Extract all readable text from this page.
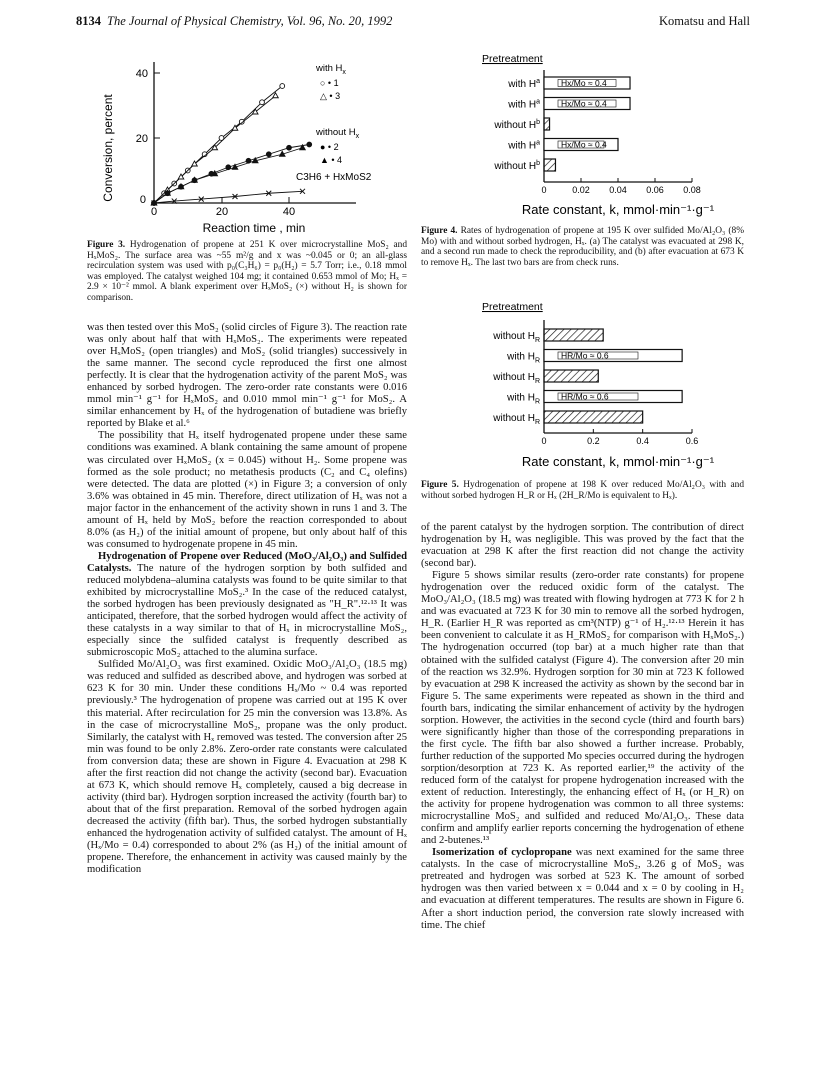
8134 The Journal of Physical Chemistry, Vol. 96, No. 20, 1992	Komatsu and Hall
Conversion, percent
40
20
0
0	20	40
Reaction time , min
with $H_x$
○ • 1
△ • 3
without $H_x$
● • 2
▲ • 4
C3H6 + HxMoS2

Figure 3. Hydrogenation of propene at 251 K over microcrystalline MoS₂ and HₓMoS₂. The surface area was ~55 m²/g and x was ~0.045 or 0; an all-glass recirculation system was used with p₀(C₃H₆) = p₀(H₂) = 5.7 Torr; i.e., 0.18 mmol was employed. The catalyst weighed 104 mg; it contained 0.653 mmol of Mo; Hₓ = 2.9 × 10⁻² mmol. A blank experiment over HₓMoS₂ (×) without H₂ is shown for comparison.

Pretreatment
with $H^a$ Hx/Mo ≈ 0.4
with $H^a$ Hx/Mo ≈ 0.4
without $H^b$
with $H^a$ Hx/Mo ≈ 0.4
without $H^b$
0	0.02 0.04 0.06 0.08
Rate constant, k, mmol·min⁻¹·g⁻¹

Figure 4. Rates of hydrogenation of propene at 195 K over sulfided Mo/Al₂O₃ (8% Mo) with and without sorbed hydrogen, Hₓ. (a) The catalyst was evacuated at 298 K, and a second run made to check the reproducibility, and (b) after evacuation at 673 K to remove Hₓ. The last two bars are from check runs.

Pretreatment
without $H_R$
with $H_R$
HR/Mo ≈ 0.6
without $H_R$
with $H_R$
HR/Mo ≈ 0.6
without $H_R$
0	0.2	0.4	0.6
Rate constant, k, mmol·min⁻¹·g⁻¹

Figure 5. Hydrogenation of propene at 198 K over reduced Mo/Al₂O₃ with and without sorbed hydrogen H_R or Hₓ (2H_R/Mo is equivalent to Hₓ).

was then tested over this MoS₂ (solid circles of Figure 3). The reaction rate was only about half that with HₓMoS₂. The experiments were repeated over HₓMoS₂ (open triangles) and MoS₂ (solid triangles) successively in the same manner. The second cycle reproduced the first one almost perfectly. It is clear that the hydrogenation activity of the parent MoS₂ was enhanced by sorbed hydrogen. The zero-order rate constants were 0.016 mmol min⁻¹ g⁻¹ for HₓMoS₂ and 0.010 mmol min⁻¹ g⁻¹ for MoS₂. A similar enhancement by Hₓ of the hydrogenation of butadiene was briefly reported by Blake et al.⁶

The possibility that Hₓ itself hydrogenated propene under these same conditions was examined. A blank containing the same amount of propene was circulated over HₓMoS₂ (x = 0.045) without H₂. Some propene was formed as the sole product; no metathesis products (C₂ and C₄ olefins) were detected. The data are plotted (×) in Figure 3; a conversion of only 3.6% was obtained in 45 min. Therefore, direct utilization of Hₓ was not a major factor in the enhancement of the activity shown in runs 1 and 3. The amount of Hₓ held by MoS₂ before the reaction corresponded to about 8.0% (as H₂) of the initial amount of propene, but only about half of this was consumed to hydrogenate propene in 45 min.

Hydrogenation of Propene over Reduced (MoO₃/Al₂O₃) and Sulfided Catalysts. The nature of the hydrogen sorption by both sulfided and reduced molybdena–alumina catalysts was found to be quite similar to that exhibited by microcrystalline MoS₂.³ In the case of the reduced catalyst, the sorbed hydrogen has been previously designated as "H_R".¹²·¹³ It was anticipated, therefore, that the sorbed hydrogen would affect the activity of these catalysts in a way similar to that of Hₓ in microcrystalline MoS₂, especially since the sulfided catalyst is frequently described as submicroscopic MoS₂ attached to the alumina surface.

Sulfided Mo/Al₂O₃ was first examined. Oxidic MoO₃/Al₂O₃ (18.5 mg) was reduced and sulfided as described above, and hydrogen was sorbed at 623 K for 30 min. Under these conditions Hₓ/Mo ~ 0.4 was reported previously.³ The hydrogenation of propene was carried out at 195 K over this material. After recirculation for 25 min the conversion was 13.8%. As in the case of microcrystalline MoS₂, propane was the only product. Similarly, the catalyst with Hₓ removed was tested. The conversion after 25 min was found to be only 2.8%. Zero-order rate constants were calculated from conversion data; these are shown in Figure 4. Evacuation at 298 K after the first reaction did not change the activity (second bar). Evacuation at 673 K, which should remove Hₓ completely, caused a big decrease in activity (third bar). Hydrogen sorption increased the activity (fourth bar) to about that of the first preparation. Removal of the sorbed hydrogen again decreased the activity (fifth bar). Thus, the sorbed hydrogen substantially enhanced the hydrogenation activity of sulfided catalyst. The amount of Hₓ (Hₓ/Mo = 0.4) corresponded to about 2% (as H₂) of the initial amount of propene. Therefore, the enhancement in activity was caused mainly by the modification

of the parent catalyst by the hydrogen sorption. The contribution of direct hydrogenation by Hₓ was negligible. This was proved by the fact that the evacuation at 298 K after the first reaction did not change the activity (second bar).

Figure 5 shows similar results (zero-order rate constants) for propene hydrogenation over the reduced oxidic form of the catalyst. The MoO₃/Al₂O₃ (18.5 mg) was treated with flowing hydrogen at 773 K for 2 h and was evacuated at 723 K for 30 min to remove all the sorbed hydrogen, H_R. (Earlier H_R was reported as cm³(NTP) g⁻¹ of H₂.¹²·¹³ Herein it has been convenient to calculate it as H_RMoS₂ for comparison with HₓMoS₂.) The hydrogenation occurred (top bar) at a much higher rate than that obtained with the sulfided catalyst (Figure 4). The conversion after 20 min of the reaction ws 32.9%. Hydrogen sorption for 30 min at 723 K followed by evacuation at 298 K increased the activity as shown by the second bar in Figure 5. The same experiments were repeated as shown in the third and fourth bars, indicating the similar enhancement of activity by the hydrogen sorption. However, the activities in the second cycle (third and fourth bars) were significantly higher than those of the corresponding preparations in the first cycle. The fifth bar also showed a further increase. Probably, further reduction of the supported Mo species occurred during the hydrogen sorption/desorption at 723 K. As reported earlier,¹⁹ the activity of the reduced form of the catalyst for propene hydrogenation increased with the extent of reduction. Interestingly, the enhancing effect of Hₓ (or H_R) on the activity for propene hydrogenation was common to all three systems: microcrystalline MoS₂ and sulfided and reduced Mo/Al₂O₃. These data confirm and amplify earlier reports concerning the hydrogenation of ethene and 2-butenes.¹³

Isomerization of cyclopropane was next examined for the same three catalysts. In the case of microcrystalline MoS₂, 3.26 g of MoS₂ was pretreated and hydrogen was sorbed at 523 K. The amount of sorbed hydrogen was then varied between x = 0.044 and x = 0 by cooling in H₂ and evacuation at different temperatures. The results are shown in Figure 6. After a short induction period, the conversion rate slowly increased with time. The chief
